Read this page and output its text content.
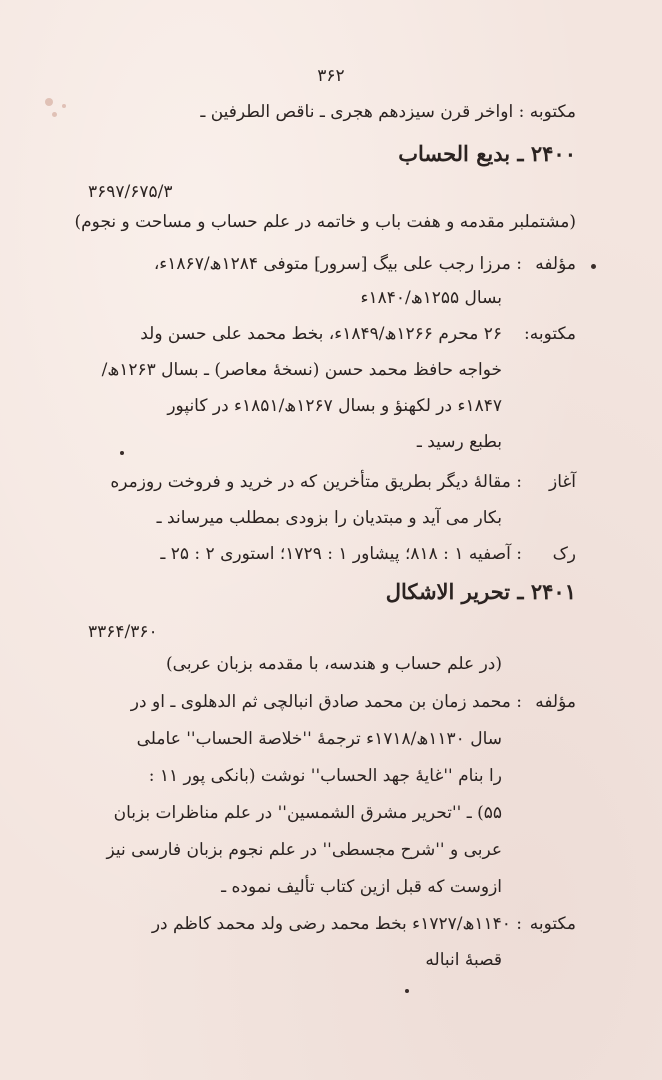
۳۶۲
مکتوبه : اواخر قرن سیزدهم هجری ـ ناقص الطرفین ـ
۲۴۰۰ ـ بدیع الحساب
۳۶۹۷/۶۷۵/۳
(مشتملبر مقدمه و هفت باب و خاتمه در علم حساب و مساحت و نجوم)
مؤلفه
: مرزا رجب علی بیگ [سرور] متوفی ۱۲۸۴ھ/۱۸۶۷ء،
بسال ۱۲۵۵ھ/۱۸۴۰ء
مکتوبه:
۲۶ محرم ۱۲۶۶ھ/۱۸۴۹ء، بخط محمد علی حسن ولد
خواجه حافظ محمد حسن (نسخهٔ معاصر) ـ بسال ۱۲۶۳ھ/
۱۸۴۷ء در لکھنؤ و بسال ۱۲۶۷ھ/۱۸۵۱ء در کانپور
بطبع رسید ـ
آغاز
: مقالهٔ دیگر بطریق متأخرین که در خرید و فروخت روزمره
بکار می آید و مبتدیان را بزودی بمطلب میرساند ـ
رک
: آصفیه ۱ : ۸۱۸؛ پیشاور ۱ : ۱۷۲۹؛ استوری ۲ : ۲۵ ـ
۲۴۰۱ ـ تحریر الاشکال
۳۳۶۴/۳۶۰
(در علم حساب و هندسه، با مقدمه بزبان عربی)
مؤلفه
: محمد زمان بن محمد صادق انبالچی ثم الدهلوی ـ او در
سال ۱۱۳۰ھ/۱۷۱۸ء ترجمهٔ ''خلاصة الحساب'' عاملی
را بنام ''غایهٔ جهد الحساب'' نوشت (بانکی پور ۱۱ :
۵۵) ـ ''تحریر مشرق الشمسین'' در علم مناظرات بزبان
عربی و ''شرح مجسطی'' در علم نجوم بزبان فارسی نیز
ازوست که قبل ازین کتاب تألیف نموده ـ
مکتوبه
: ۱۱۴۰ھ/۱۷۲۷ء بخط محمد رضی ولد محمد کاظم در
قصبهٔ انباله
